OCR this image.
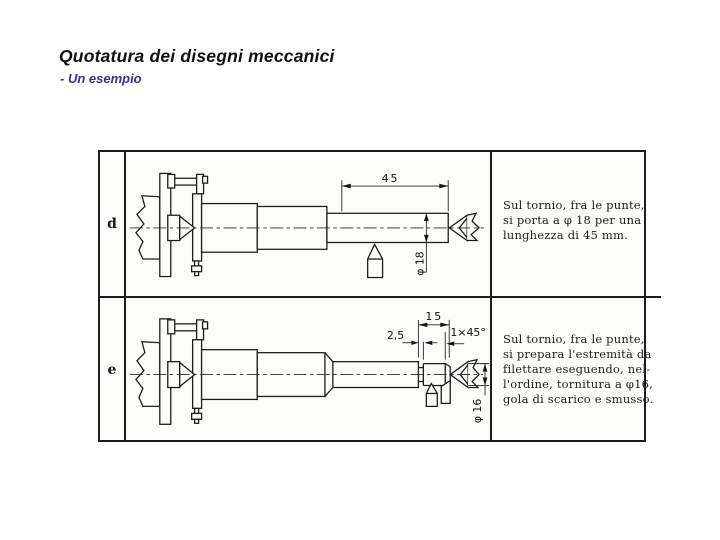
Quotatura dei disegni meccanici
- Un esempio
d
45
φ 18
Sul tornio, fra le punte,
si porta a φ 18 per una
lunghezza di 45 mm.
e
15
2,5	1×45°
φ 16
Sul tornio, fra le punte,
si prepara l'estremità da
filettare eseguendo, nel-
l'ordine, tornitura a φ16,
gola di scarico e smusso.
